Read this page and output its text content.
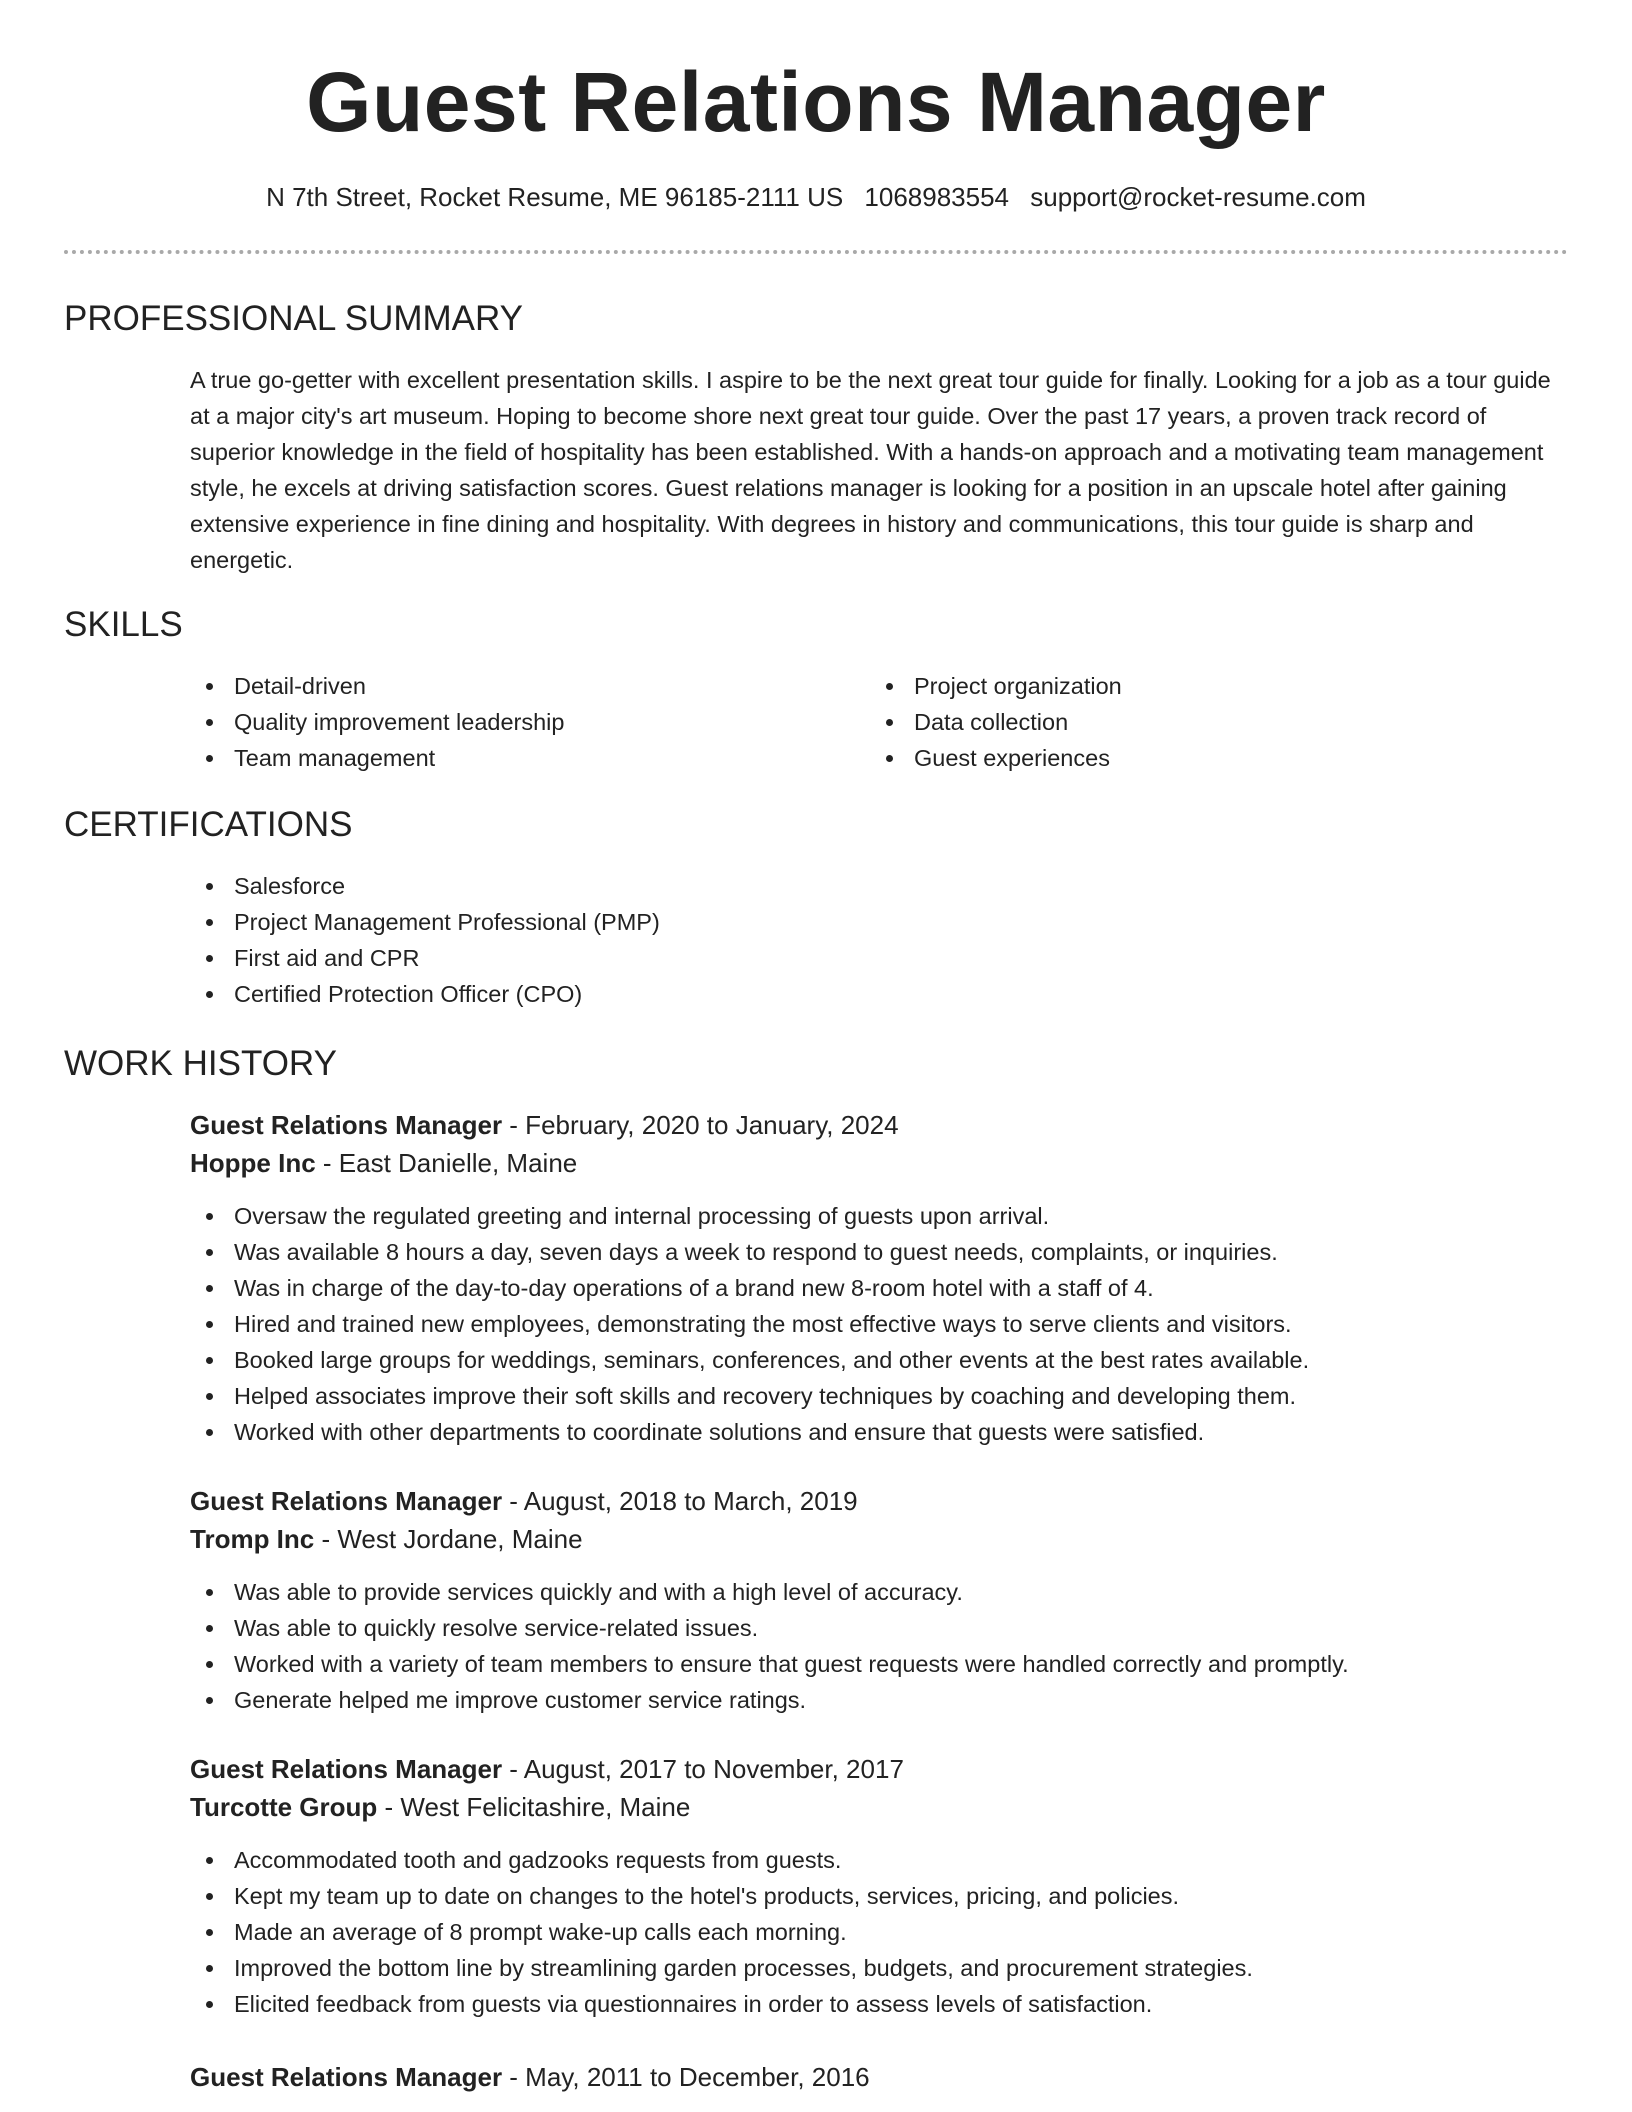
Guest Relations Manager
N 7th Street, Rocket Resume, ME 96185-2111 US 1068983554 support@rocket-resume.com
PROFESSIONAL SUMMARY

A true go-getter with excellent presentation skills. I aspire to be the next great tour guide for finally. Looking for a job as a tour guide at a major city's art museum. Hoping to become shore next great tour guide. Over the past 17 years, a proven track record of superior knowledge in the field of hospitality has been established. With a hands-on approach and a motivating team management style, he excels at driving satisfaction scores. Guest relations manager is looking for a position in an upscale hotel after gaining extensive experience in fine dining and hospitality. With degrees in history and communications, this tour guide is sharp and energetic.

SKILLS
Detail-driven
Quality improvement leadership
Team management
Project organization
Data collection
Guest experiences
CERTIFICATIONS
Salesforce
Project Management Professional (PMP)
First aid and CPR
Certified Protection Officer (CPO)
WORK HISTORY
Guest Relations Manager - February, 2020 to January, 2024
Hoppe Inc - East Danielle, Maine
Oversaw the regulated greeting and internal processing of guests upon arrival.
Was available 8 hours a day, seven days a week to respond to guest needs, complaints, or inquiries.
Was in charge of the day-to-day operations of a brand new 8-room hotel with a staff of 4.
Hired and trained new employees, demonstrating the most effective ways to serve clients and visitors.
Booked large groups for weddings, seminars, conferences, and other events at the best rates available.
Helped associates improve their soft skills and recovery techniques by coaching and developing them.
Worked with other departments to coordinate solutions and ensure that guests were satisfied.
Guest Relations Manager - August, 2018 to March, 2019
Tromp Inc - West Jordane, Maine
Was able to provide services quickly and with a high level of accuracy.
Was able to quickly resolve service-related issues.
Worked with a variety of team members to ensure that guest requests were handled correctly and promptly.
Generate helped me improve customer service ratings.
Guest Relations Manager - August, 2017 to November, 2017
Turcotte Group - West Felicitashire, Maine
Accommodated tooth and gadzooks requests from guests.
Kept my team up to date on changes to the hotel's products, services, pricing, and policies.
Made an average of 8 prompt wake-up calls each morning.
Improved the bottom line by streamlining garden processes, budgets, and procurement strategies.
Elicited feedback from guests via questionnaires in order to assess levels of satisfaction.
Guest Relations Manager - May, 2011 to December, 2016
